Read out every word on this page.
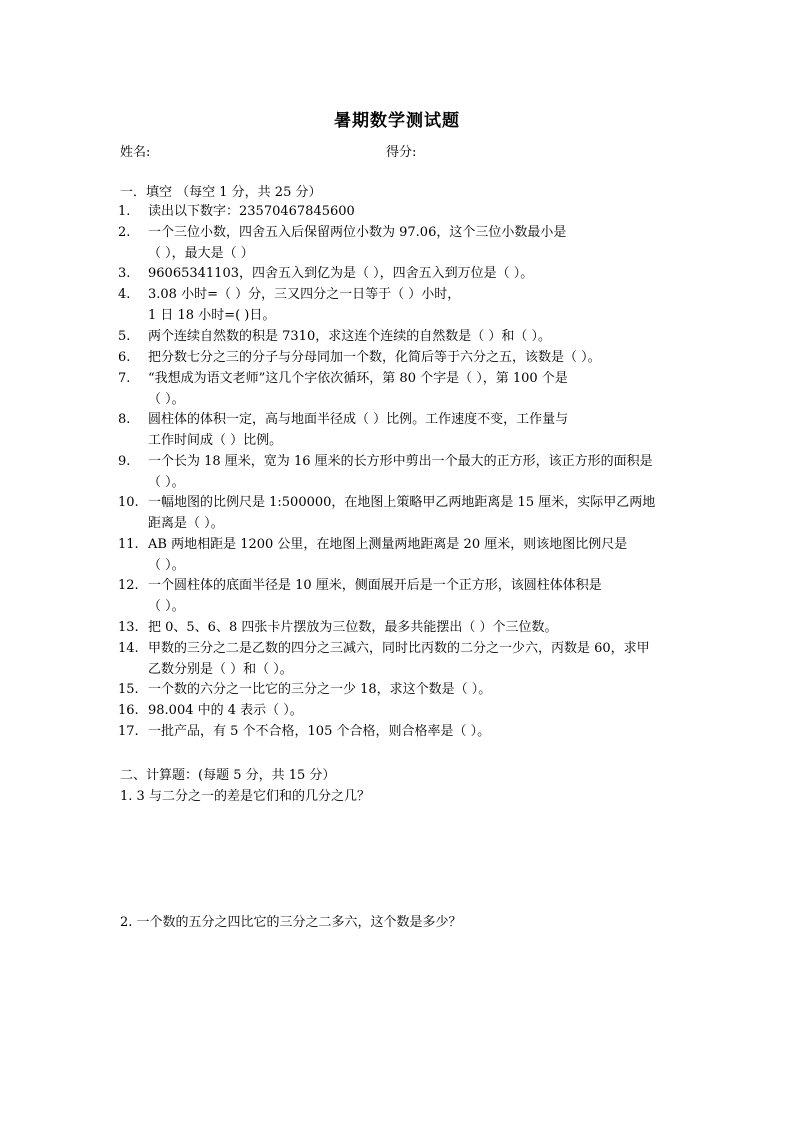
暑期数学测试题
姓名:	得分:
一．填空 （每空 1 分，共 25 分）
1. 读出以下数字：23570467845600
2. 一个三位小数，四舍五入后保留两位小数为 97.06，这个三位小数最小是
（ ），最大是（ ）
3. 96065341103，四舍五入到亿为是（ ），四舍五入到万位是（ ）。
4. 3.08 小时=（ ）分，三又四分之一日等于（ ）小时，
1 日 18 小时=( )日。
5. 两个连续自然数的积是 7310，求这连个连续的自然数是（ ）和（ ）。
6. 把分数七分之三的分子与分母同加一个数，化简后等于六分之五，该数是（ ）。
7. “我想成为语文老师”这几个字依次循环，第 80 个字是（ ），第 100 个是
（ ）。
8. 圆柱体的体积一定，高与地面半径成（ ）比例。工作速度不变，工作量与
工作时间成（ ）比例。
9. 一个长为 18 厘米，宽为 16 厘米的长方形中剪出一个最大的正方形，该正方形的面积是
（ ）。
10. 一幅地图的比例尺是 1:500000，在地图上策略甲乙两地距离是 15 厘米，实际甲乙两地
距离是（ ）。
11. AB 两地相距是 1200 公里，在地图上测量两地距离是 20 厘米，则该地图比例尺是
（ ）。
12. 一个圆柱体的底面半径是 10 厘米，侧面展开后是一个正方形，该圆柱体体积是
（ ）。
13. 把 0、5、6、8 四张卡片摆放为三位数，最多共能摆出（ ）个三位数。
14. 甲数的三分之二是乙数的四分之三减六，同时比丙数的二分之一少六，丙数是 60，求甲
乙数分别是（ ）和（ ）。
15. 一个数的六分之一比它的三分之一少 18，求这个数是（ ）。
16. 98.004 中的 4 表示（ ）。
17. 一批产品，有 5 个不合格，105 个合格，则合格率是（ ）。
二、计算题：(每题 5 分，共 15 分）
1. 3 与二分之一的差是它们和的几分之几？
2. 一个数的五分之四比它的三分之二多六，这个数是多少？
